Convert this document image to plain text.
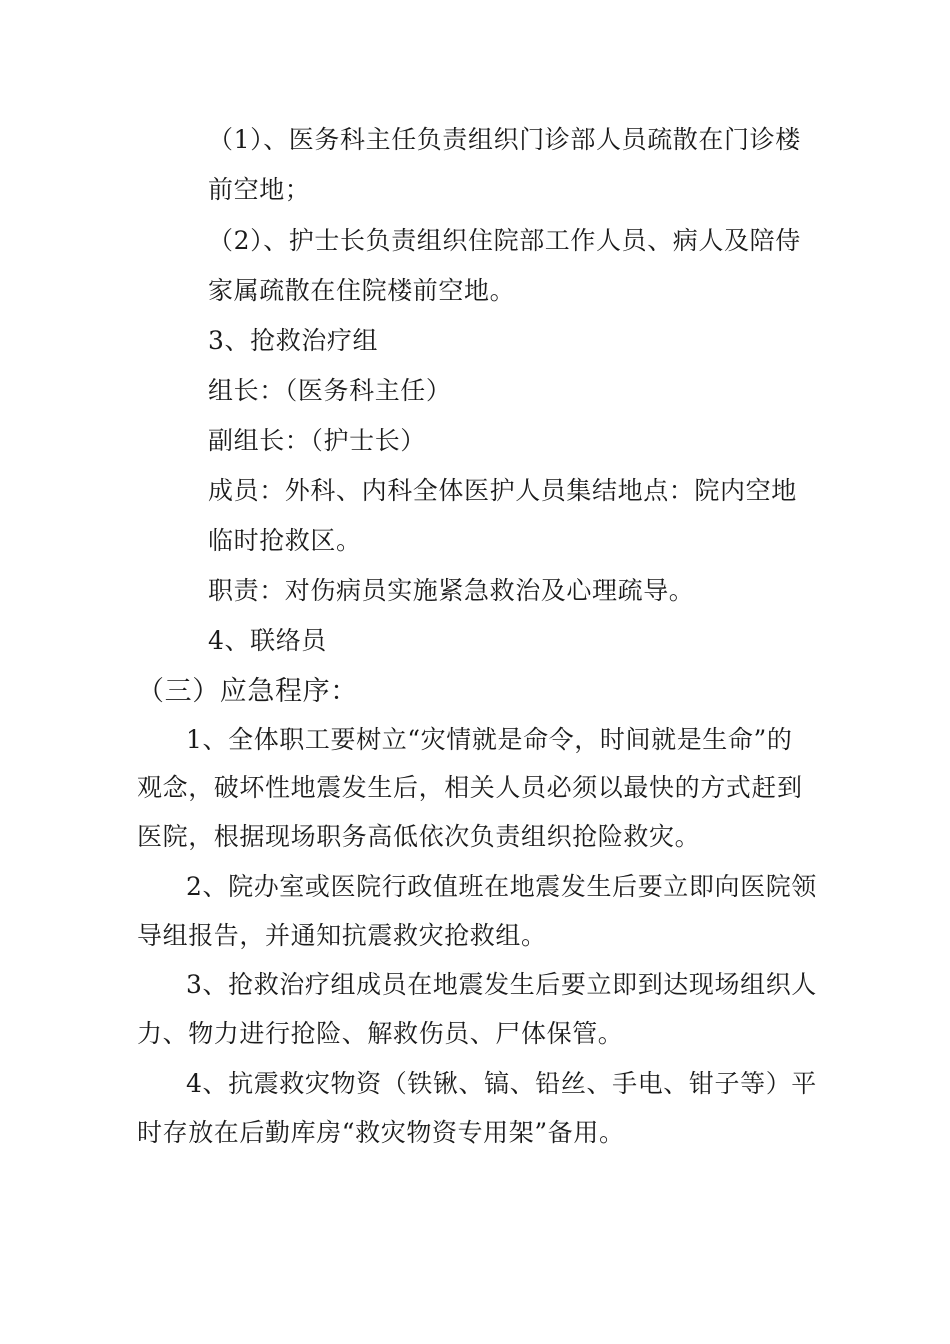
（1）、医务科主任负责组织门诊部人员疏散在门诊楼
前空地；
（2）、护士长负责组织住院部工作人员、病人及陪侍
家属疏散在住院楼前空地。
3、抢救治疗组
组长：（医务科主任）
副组长：（护士长）
成员：外科、内科全体医护人员集结地点：院内空地
临时抢救区。
职责：对伤病员实施紧急救治及心理疏导。
4、联络员
（三）应急程序：
1、全体职工要树立“灾情就是命令，时间就是生命”的
观念，破坏性地震发生后，相关人员必须以最快的方式赶到
医院，根据现场职务高低依次负责组织抢险救灾。
2、院办室或医院行政值班在地震发生后要立即向医院领
导组报告，并通知抗震救灾抢救组。
3、抢救治疗组成员在地震发生后要立即到达现场组织人
力、物力进行抢险、解救伤员、尸体保管。
4、抗震救灾物资（铁锹、镐、铅丝、手电、钳子等）平
时存放在后勤库房“救灾物资专用架”备用。
